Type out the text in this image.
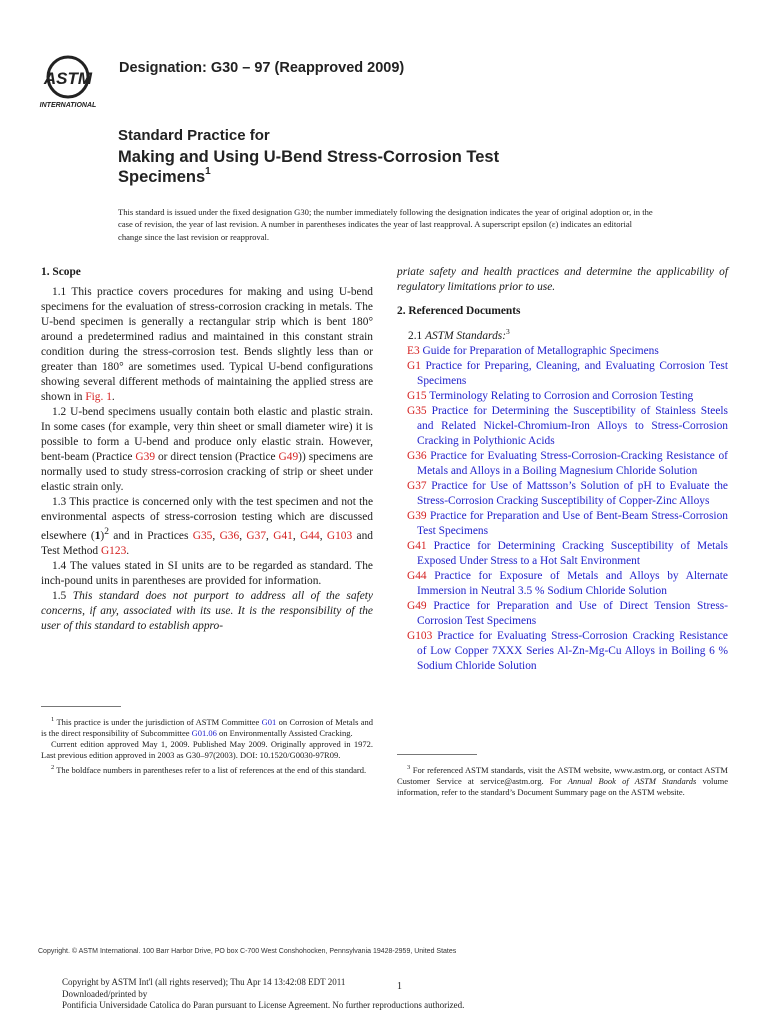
ASTM
INTERNATIONAL
Designation: G30 – 97 (Reapproved 2009)
Standard Practice for
Making and Using U-Bend Stress-Corrosion Test
Specimens$^1$
This standard is issued under the fixed designation G30; the number immediately following the designation indicates the year of original adoption or, in the case of revision, the year of last revision. A number in parentheses indicates the year of last reapproval. A superscript epsilon (ε) indicates an editorial change since the last revision or reapproval.
1. Scope

1.1 This practice covers procedures for making and using U-bend specimens for the evaluation of stress-corrosion cracking in metals. The U-bend specimen is generally a rectangular strip which is bent 180° around a predetermined radius and maintained in this constant strain condition during the stress-corrosion test. Bends slightly less than or greater than 180° are sometimes used. Typical U-bend configurations showing several different methods of maintaining the applied stress are shown in Fig. 1.

1.2 U-bend specimens usually contain both elastic and plastic strain. In some cases (for example, very thin sheet or small diameter wire) it is possible to form a U-bend and produce only elastic strain. However, bent-beam (Practice G39 or direct tension (Practice G49)) specimens are normally used to study stress-corrosion cracking of strip or sheet under elastic strain only.

1.3 This practice is concerned only with the test specimen and not the environmental aspects of stress-corrosion testing which are discussed elsewhere $(1)^2$ and in Practices G35, G36, G37, G41, G44, G103 and Test Method G123.

1.4 The values stated in SI units are to be regarded as standard. The inch-pound units in parentheses are provided for information.

1.5 This standard does not purport to address all of the safety concerns, if any, associated with its use. It is the responsibility of the user of this standard to establish appro-

$^1$ This practice is under the jurisdiction of ASTM Committee G01 on Corrosion of Metals and is the direct responsibility of Subcommittee G01.06 on Environmentally Assisted Cracking.

Current edition approved May 1, 2009. Published May 2009. Originally approved in 1972. Last previous edition approved in 2003 as G30–97(2003). DOI: 10.1520/G0030-97R09.

$^2$ The boldface numbers in parentheses refer to a list of references at the end of this standard.

priate safety and health practices and determine the applicability of regulatory limitations prior to use.

2. Referenced Documents

2.1 ASTM Standards:$^3$

E3 Guide for Preparation of Metallographic Specimens

G1 Practice for Preparing, Cleaning, and Evaluating Corrosion Test Specimens

G15 Terminology Relating to Corrosion and Corrosion Testing

G35 Practice for Determining the Susceptibility of Stainless Steels and Related Nickel-Chromium-Iron Alloys to Stress-Corrosion Cracking in Polythionic Acids

G36 Practice for Evaluating Stress-Corrosion-Cracking Resistance of Metals and Alloys in a Boiling Magnesium Chloride Solution

G37 Practice for Use of Mattsson’s Solution of pH to Evaluate the Stress-Corrosion Cracking Susceptibility of Copper-Zinc Alloys

G39 Practice for Preparation and Use of Bent-Beam Stress-Corrosion Test Specimens

G41 Practice for Determining Cracking Susceptibility of Metals Exposed Under Stress to a Hot Salt Environment

G44 Practice for Exposure of Metals and Alloys by Alternate Immersion in Neutral 3.5 % Sodium Chloride Solution

G49 Practice for Preparation and Use of Direct Tension Stress-Corrosion Test Specimens

G103 Practice for Evaluating Stress-Corrosion Cracking Resistance of Low Copper 7XXX Series Al-Zn-Mg-Cu Alloys in Boiling 6 % Sodium Chloride Solution

$^3$ For referenced ASTM standards, visit the ASTM website, www.astm.org, or contact ASTM Customer Service at service@astm.org. For Annual Book of ASTM Standards volume information, refer to the standard’s Document Summary page on the ASTM website.

Copyright. © ASTM International. 100 Barr Harbor Drive, PO box C-700 West Conshohocken, Pennsylvania 19428-2959, United States
Copyright by ASTM Int'l (all rights reserved); Thu Apr 14 13:42:08 EDT 2011
Downloaded/printed by
Pontificia Universidade Catolica do Paran pursuant to License Agreement. No further reproductions authorized.
1
